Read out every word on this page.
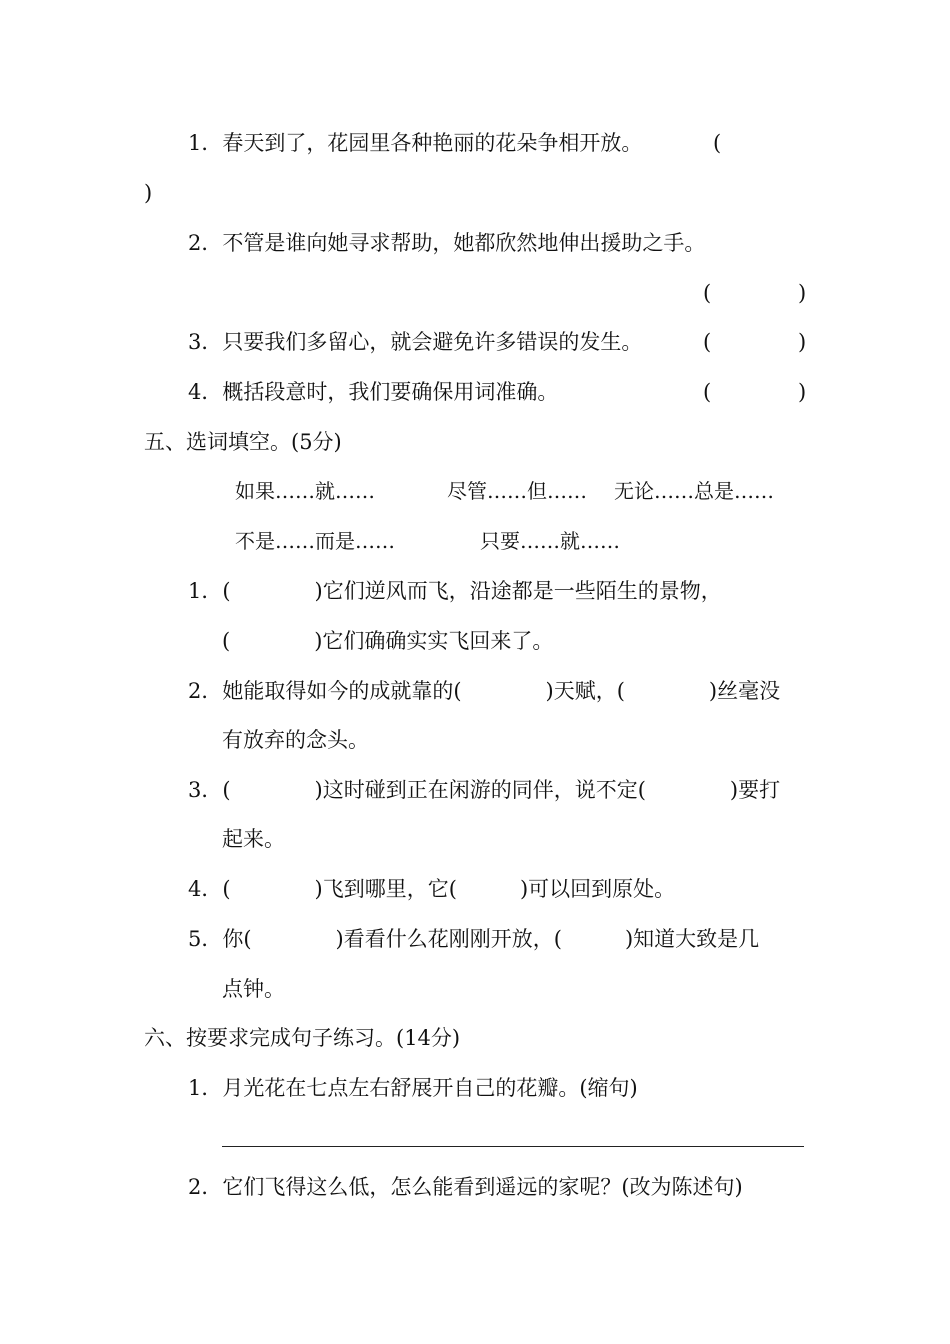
1．春天到了，花园里各种艳丽的花朵争相开放。	(
)
2．不管是谁向她寻求帮助，她都欣然地伸出援助之手。
(	)
3．只要我们多留心，就会避免许多错误的发生。	(	)
4．概括段意时，我们要确保用词准确。	(	)
五、选词填空。(5分)
如果……就……	尽管……但…… 无论……总是……
不是……而是……	只要……就……
1．(　　　　)它们逆风而飞，沿途都是一些陌生的景物，
(　　　　)它们确确实实飞回来了。
2．她能取得如今的成就靠的(　　　　)天赋，(　　　　)丝毫没
有放弃的念头。
3．(　　　　)这时碰到正在闲游的同伴，说不定(　　　　)要打
起来。
4．(　　　　)飞到哪里，它(　　　)可以回到原处。
5．你(　　　　)看看什么花刚刚开放，(　　　)知道大致是几
点钟。
六、按要求完成句子练习。(14分)
1．月光花在七点左右舒展开自己的花瓣。(缩句)
2．它们飞得这么低，怎么能看到遥远的家呢？(改为陈述句)
